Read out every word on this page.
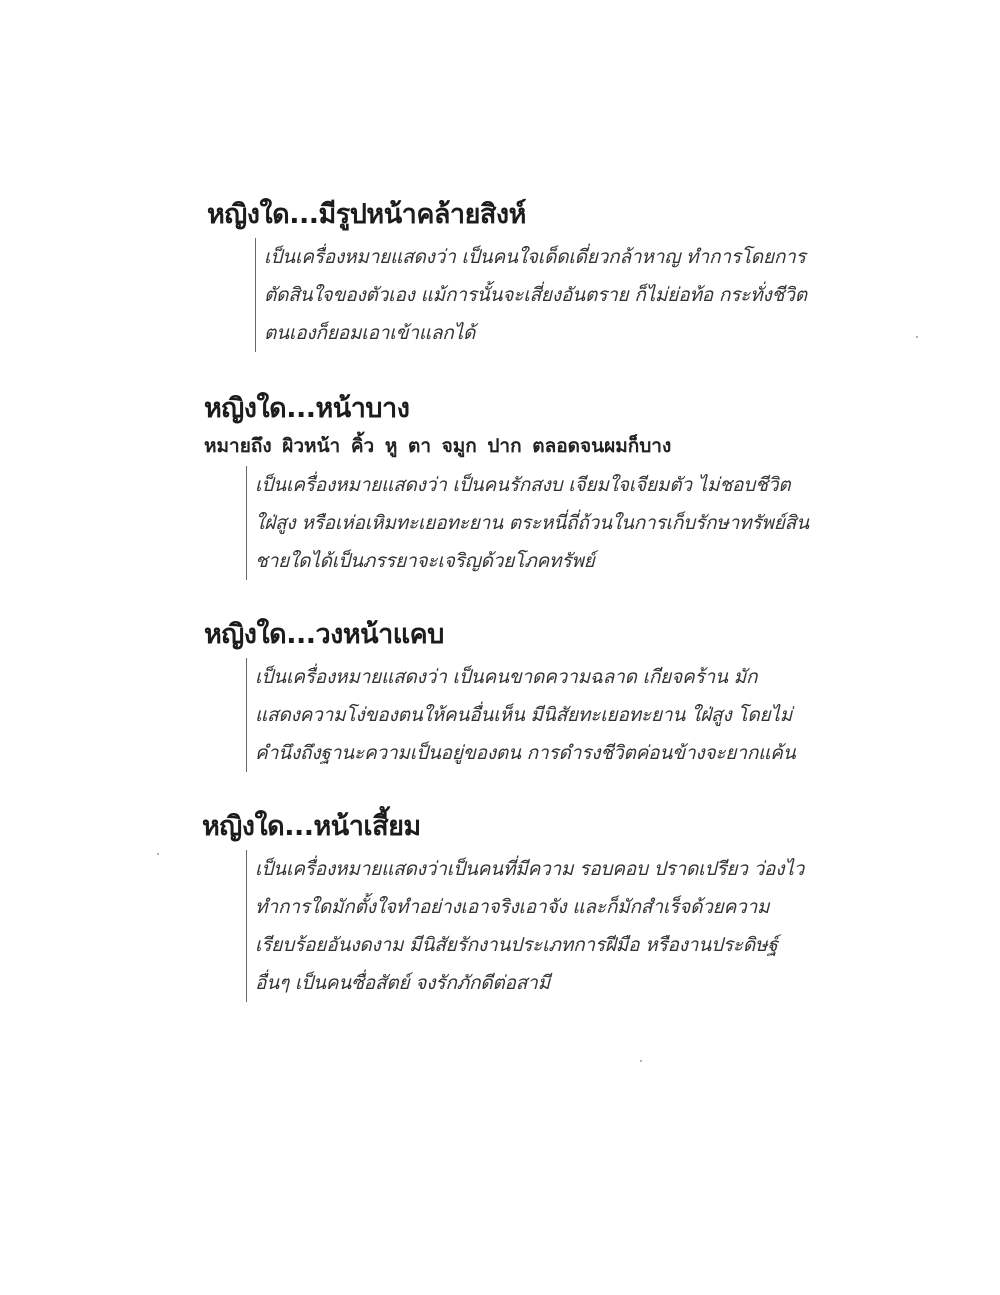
หญิงใด...มีรูปหน้าคล้ายสิงห์
เป็นเครื่องหมายแสดงว่า เป็นคนใจเด็ดเดี่ยวกล้าหาญ ทำการโดยการ
ตัดสินใจของตัวเอง แม้การนั้นจะเสี่ยงอันตราย ก็ไม่ย่อท้อ กระทั่งชีวิต
ตนเองก็ยอมเอาเข้าแลกได้
หญิงใด...หน้าบาง
หมายถึง ผิวหน้า คิ้ว หู ตา จมูก ปาก ตลอดจนผมก็บาง
เป็นเครื่องหมายแสดงว่า เป็นคนรักสงบ เจียมใจเจียมตัว ไม่ชอบชีวิต
ใฝ่สูง หรือเห่อเหิมทะเยอทะยาน ตระหนี่ถี่ถ้วนในการเก็บรักษาทรัพย์สิน
ชายใดได้เป็นภรรยาจะเจริญด้วยโภคทรัพย์
หญิงใด...วงหน้าแคบ
เป็นเครื่องหมายแสดงว่า เป็นคนขาดความฉลาด เกียจคร้าน มัก
แสดงความโง่ของตนให้คนอื่นเห็น มีนิสัยทะเยอทะยาน ใฝ่สูง โดยไม่
คำนึงถึงฐานะความเป็นอยู่ของตน การดำรงชีวิตค่อนข้างจะยากแค้น
หญิงใด...หน้าเสี้ยม
เป็นเครื่องหมายแสดงว่าเป็นคนที่มีความ รอบคอบ ปราดเปรียว ว่องไว
ทำการใดมักตั้งใจทำอย่างเอาจริงเอาจัง และก็มักสำเร็จด้วยความ
เรียบร้อยอันงดงาม มีนิสัยรักงานประเภทการฝีมือ หรืองานประดิษฐ์
อื่นๆ เป็นคนซื่อสัตย์ จงรักภักดีต่อสามี
